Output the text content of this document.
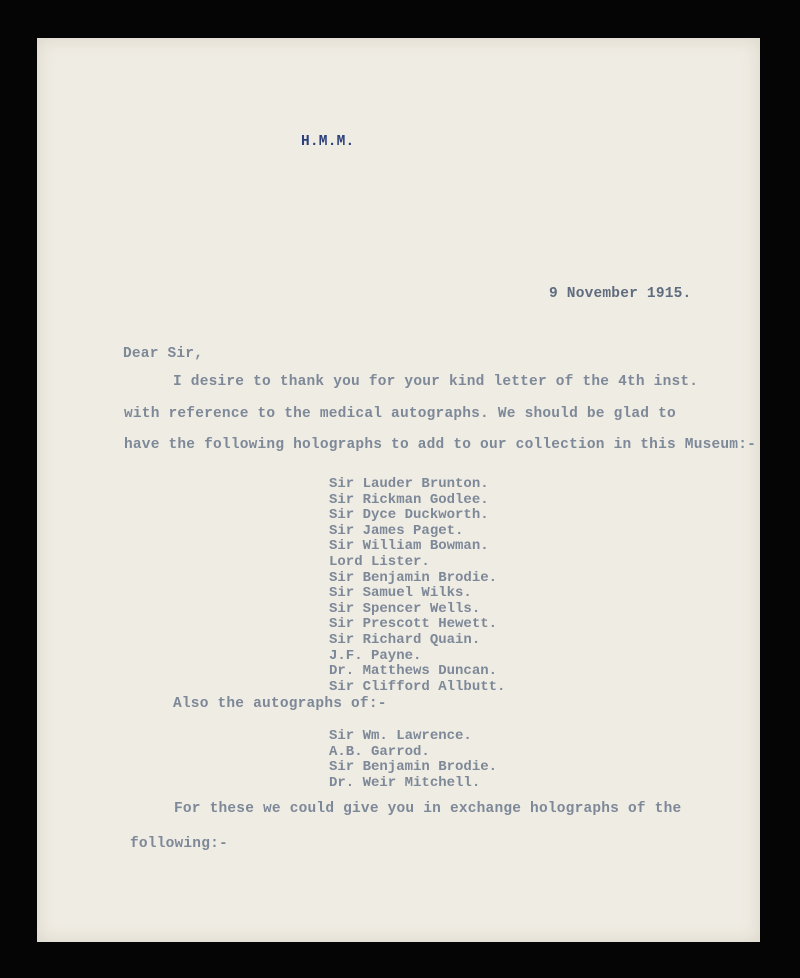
H.M.M.

9 November 1915.

Dear Sir,

I desire to thank you for your kind letter of the 4th inst.

with reference to the medical autographs. We should be glad to

have the following holographs to add to our collection in this Museum:-

Sir Lauder Brunton.
Sir Rickman Godlee.
Sir Dyce Duckworth.
Sir James Paget.
Sir William Bowman.
Lord Lister.
Sir Benjamin Brodie.
Sir Samuel Wilks.
Sir Spencer Wells.
Sir Prescott Hewett.
Sir Richard Quain.
J.F. Payne.
Dr. Matthews Duncan.
Sir Clifford Allbutt.

Also the autographs of:-

Sir Wm. Lawrence.
A.B. Garrod.
Sir Benjamin Brodie.
Dr. Weir Mitchell.

For these we could give you in exchange holographs of the

following:-
